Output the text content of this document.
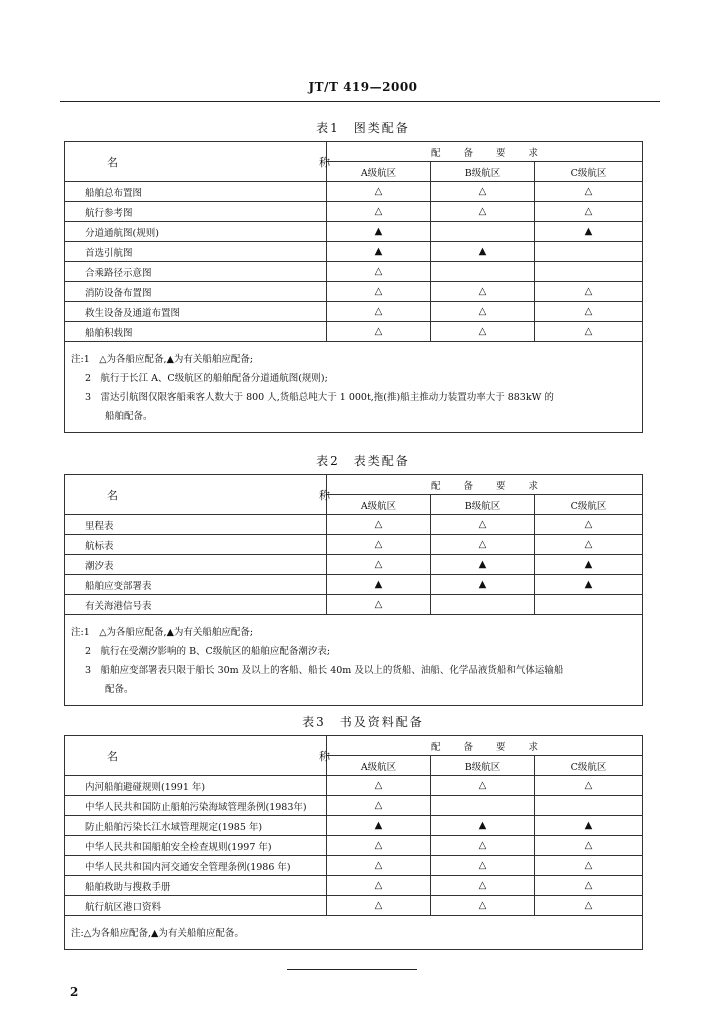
JT/T 419—2000
表1　图类配备
名　　　称	配 备 要 求		
	A级航区	B级航区	C级航区
船舶总布置图	△	△	△
航行参考图	△	△	△
分道通航图(规则)	▲		▲
首选引航图	▲	▲	
合乘路径示意图	△		
消防设备布置图	△	△	△
救生设备及通道布置图	△	△	△
船舶积载图	△	△	△

注:1　△为各船应配备,▲为有关船舶应配备;
2　航行于长江 A、C级航区的船舶配备分道通航图(规则);
3　雷达引航图仅限客船乘客人数大于 800 人,货船总吨大于 1 000t,拖(推)船主推动力装置功率大于 883kW 的
船舶配备。			
表2　表类配备
名　　　称	配 备 要 求		
	A级航区	B级航区	C级航区
里程表	△	△	△
航标表	△	△	△
潮汐表	△	▲	▲
船舶应变部署表	▲	▲	▲
有关海港信号表	△		

注:1　△为各船应配备,▲为有关船舶应配备;
2　航行在受潮汐影响的 B、C级航区的船舶应配备潮汐表;
3　船舶应变部署表只限于船长 30m 及以上的客船、船长 40m 及以上的货船、油船、化学品液货船和气体运输船
配备。			
表3　书及资料配备
名　　　称	配 备 要 求		
	A级航区	B级航区	C级航区
内河船舶避碰规则(1991 年)	△	△	△
中华人民共和国防止船舶污染海域管理条例(1983年)	△		
防止船舶污染长江水域管理规定(1985 年)	▲	▲	▲
中华人民共和国船舶安全检查规则(1997 年)	△	△	△
中华人民共和国内河交通安全管理条例(1986 年)	△	△	△
船舶救助与搜救手册	△	△	△
航行航区港口资料	△	△	△

注:△为各船应配备,▲为有关船舶应配备。			
2
